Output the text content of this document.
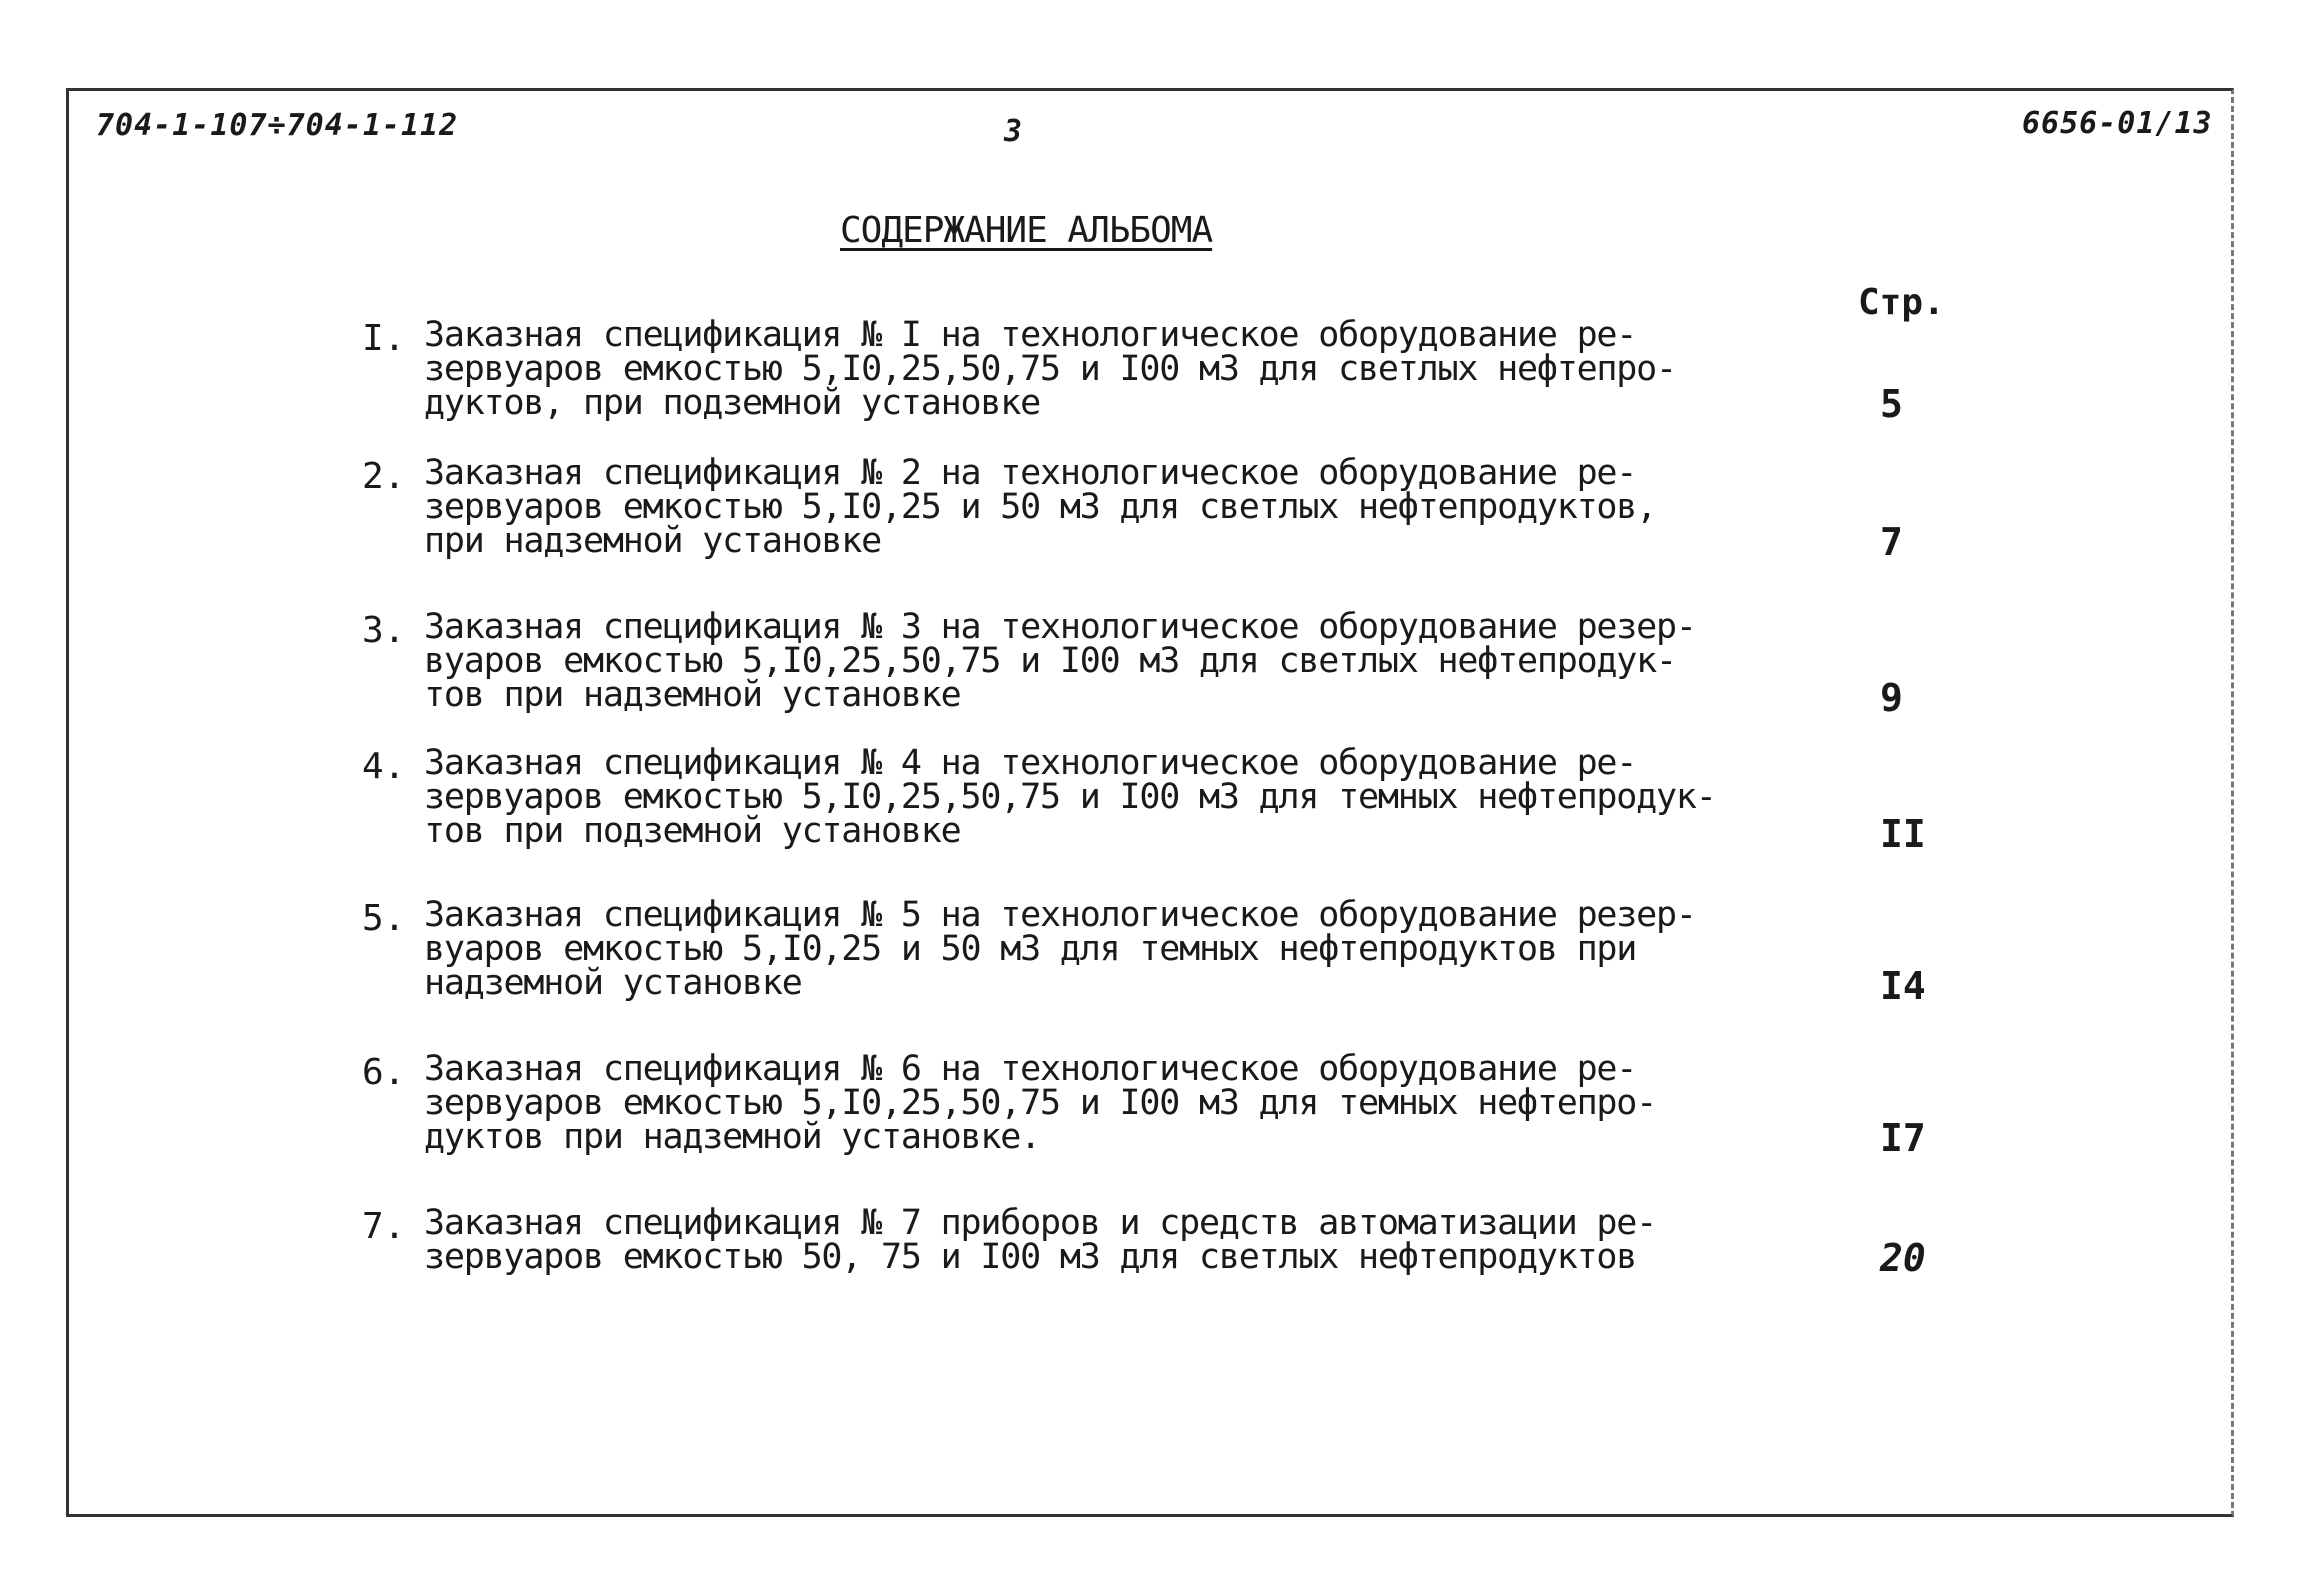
704-1-107÷704-1-112	3	6656-01/13
СОДЕРЖАНИЕ АЛЬБОМА
Стр.
I. Заказная спецификация № I на технологическое оборудование ре-
зервуаров емкостью 5,I0,25,50,75 и I00 м3 для светлых нефтепро-
дуктов, при подземной установке	5
2. Заказная спецификация № 2 на технологическое оборудование ре-
зервуаров емкостью 5,I0,25 и 50 м3 для светлых нефтепродуктов,
при надземной установке	7
3. Заказная спецификация № 3 на технологическое оборудование резер-
вуаров емкостью 5,I0,25,50,75 и I00 м3 для светлых нефтепродук-
тов при надземной установке	9
4. Заказная спецификация № 4 на технологическое оборудование ре-
зервуаров емкостью 5,I0,25,50,75 и I00 м3 для темных нефтепродук-
тов при подземной установке	II
5. Заказная спецификация № 5 на технологическое оборудование резер-
вуаров емкостью 5,I0,25 и 50 м3 для темных нефтепродуктов при
надземной установке	I4
6. Заказная спецификация № 6 на технологическое оборудование ре-
зервуаров емкостью 5,I0,25,50,75 и I00 м3 для темных нефтепро-
дуктов при надземной установке.	I7
7. Заказная спецификация № 7 приборов и средств автоматизации ре-
зервуаров емкостью 50, 75 и I00 м3 для светлых нефтепродуктов	20
